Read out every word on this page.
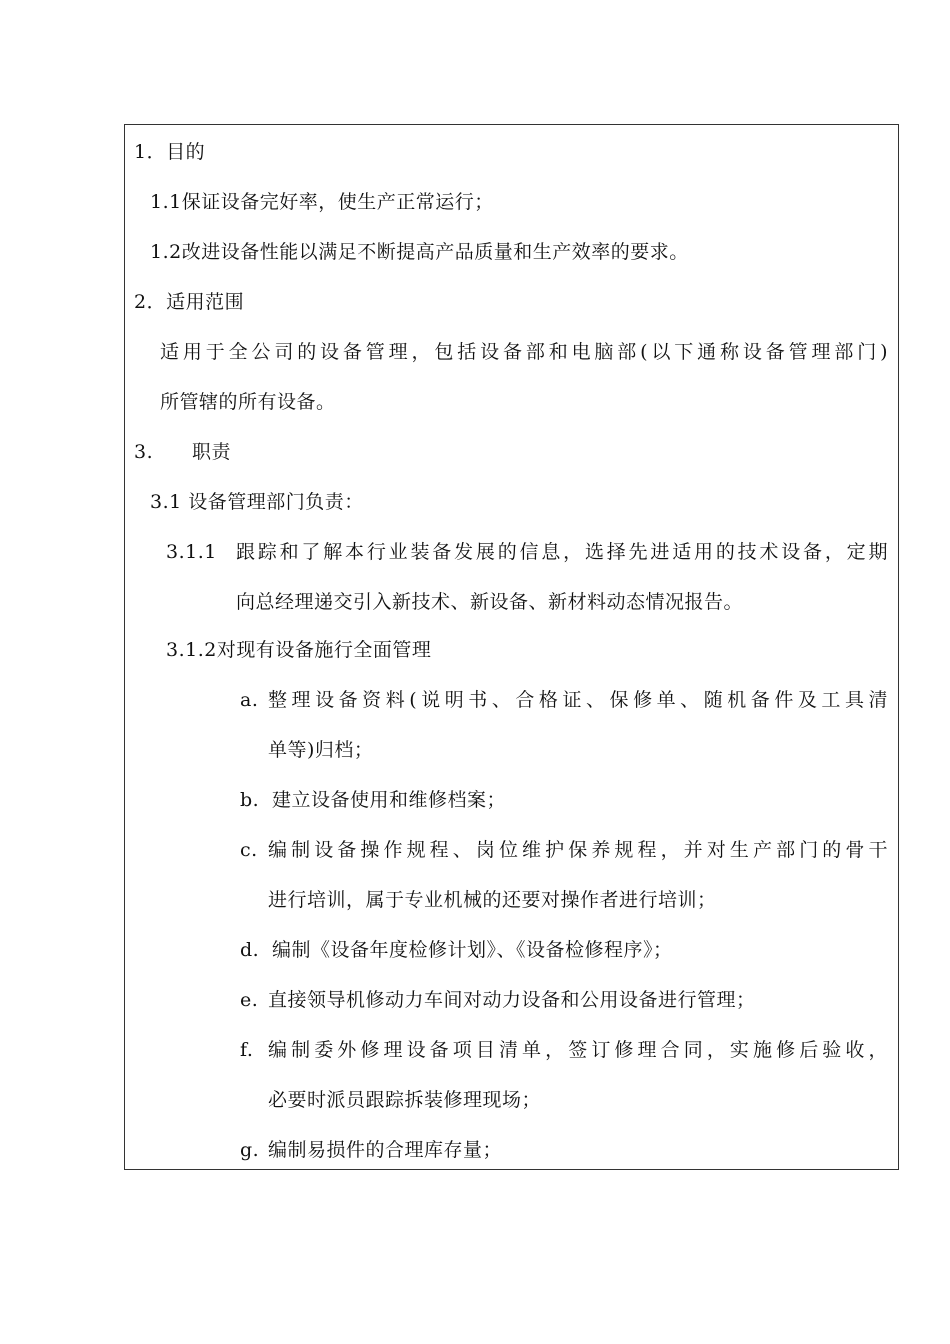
1．目的
1.1保证设备完好率，使生产正常运行；
1.2改进设备性能以满足不断提高产品质量和生产效率的要求。
2．适用范围
适用于全公司的设备管理，包括设备部和电脑部(以下通称设备管理部门)
所管辖的所有设备。
3. 职责
3.1 设备管理部门负责：
3.1.1 跟踪和了解本行业装备发展的信息，选择先进适用的技术设备，定期
向总经理递交引入新技术、新设备、新材料动态情况报告。
3.1.2对现有设备施行全面管理
a. 整理设备资料(说明书、合格证、保修单、随机备件及工具清
单等)归档；
b. 建立设备使用和维修档案；
c. 编制设备操作规程、岗位维护保养规程，并对生产部门的骨干
进行培训，属于专业机械的还要对操作者进行培训；
d. 编制《设备年度检修计划》、《设备检修程序》；
e. 直接领导机修动力车间对动力设备和公用设备进行管理；
f. 编制委外修理设备项目清单，签订修理合同，实施修后验收，
必要时派员跟踪拆装修理现场；
g. 编制易损件的合理库存量；
